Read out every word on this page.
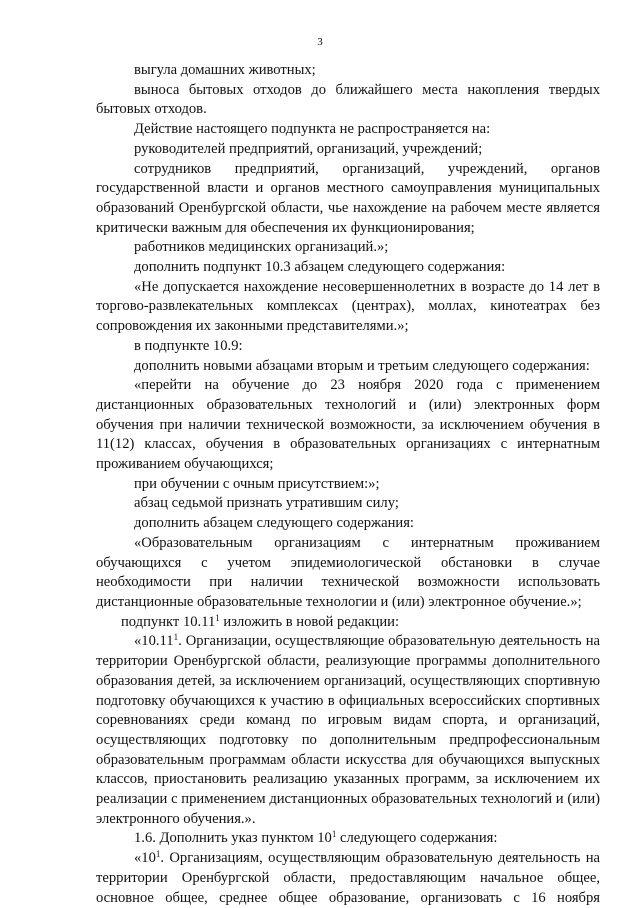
3

выгула домашних животных;

выноса бытовых отходов до ближайшего места накопления твердых бытовых отходов.

Действие настоящего подпункта не распространяется на:

руководителей предприятий, организаций, учреждений;

сотрудников предприятий, организаций, учреждений, органов государственной власти и органов местного самоуправления муниципальных образований Оренбургской области, чье нахождение на рабочем месте является критически важным для обеспечения их функционирования;

работников медицинских организаций.»;

дополнить подпункт 10.3 абзацем следующего содержания:

«Не допускается нахождение несовершеннолетних в возрасте до 14 лет в торгово-развлекательных комплексах (центрах), моллах, кинотеатрах без сопровождения их законными представителями.»;

в подпункте 10.9:

дополнить новыми абзацами вторым и третьим следующего содержания:

«перейти на обучение до 23 ноября 2020 года с применением дистанционных образовательных технологий и (или) электронных форм обучения при наличии технической возможности, за исключением обучения в 11(12) классах, обучения в образовательных организациях с интернатным проживанием обучающихся;

при обучении с очным присутствием:»;

абзац седьмой признать утратившим силу;

дополнить абзацем следующего содержания:

«Образовательным организациям с интернатным проживанием обучающихся с учетом эпидемиологической обстановки в случае необходимости при наличии технической возможности использовать дистанционные образовательные технологии и (или) электронное обучение.»;

подпункт 10.11$^1$ изложить в новой редакции:

«10.11$^1$. Организации, осуществляющие образовательную деятельность на территории Оренбургской области, реализующие программы дополнительного образования детей, за исключением организаций, осуществляющих спортивную подготовку обучающихся к участию в официальных всероссийских спортивных соревнованиях среди команд по игровым видам спорта, и организаций, осуществляющих подготовку по дополнительным предпрофессиональным образовательным программам области искусства для обучающихся выпускных классов, приостановить реализацию указанных программ, за исключением их реализации с применением дистанционных образовательных технологий и (или) электронного обучения.».

1.6. Дополнить указ пунктом $10^1$ следующего содержания:

«$10^1$. Организациям, осуществляющим образовательную деятельность на территории Оренбургской области, предоставляющим начальное общее, основное общее, среднее общее образование, организовать с 16 ноября
